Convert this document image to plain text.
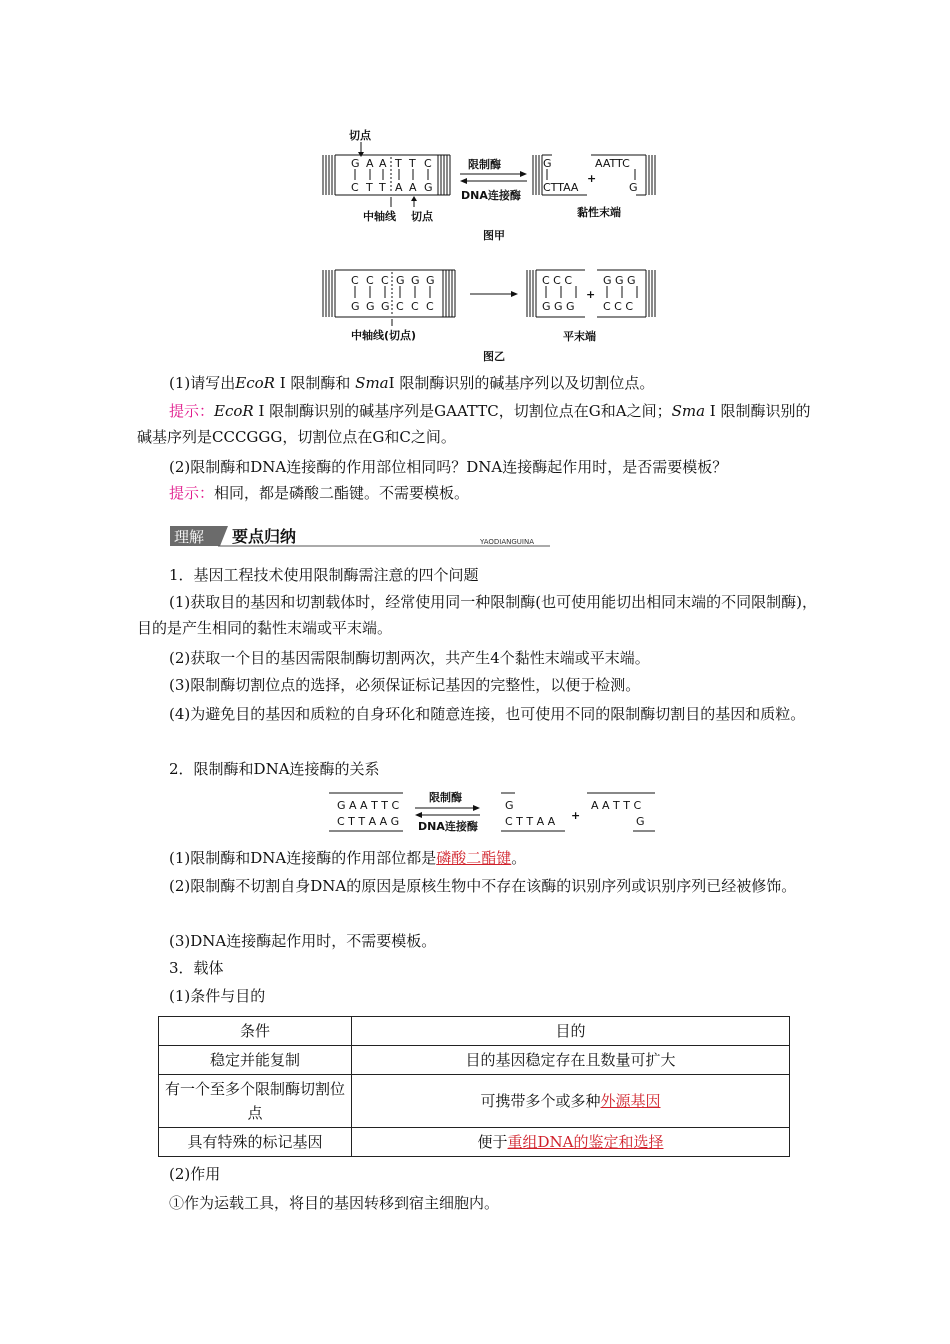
切点
G A A T T C
C T T A A G
限制酶
DNA连接酶
G
CTTAA
+
AATTC
G
中轴线 切点	黏性末端
图甲
C C C G G G
G G G C C C
C C C
G G G
+
G G G
C C C
中轴线(切点)	平末端
图乙

(1)请写出EcoR Ⅰ 限制酶和 SmaⅠ 限制酶识别的碱基序列以及切割位点。

提示：EcoR Ⅰ 限制酶识别的碱基序列是GAATTC，切割位点在G和A之间；Sma Ⅰ 限制酶识别的碱基序列是CCCGGG，切割位点在G和C之间。

(2)限制酶和DNA连接酶的作用部位相同吗？DNA连接酶起作用时，是否需要模板？

提示：相同，都是磷酸二酯键。不需要模板。

理解 要点归纳	YAODIANGUINA

1．基因工程技术使用限制酶需注意的四个问题

(1)获取目的基因和切割载体时，经常使用同一种限制酶(也可使用能切出相同末端的不同限制酶)，目的是产生相同的黏性末端或平末端。

(2)获取一个目的基因需限制酶切割两次，共产生4个黏性末端或平末端。

(3)限制酶切割位点的选择，必须保证标记基因的完整性，以便于检测。

(4)为避免目的基因和质粒的自身环化和随意连接，也可使用不同的限制酶切割目的基因和质粒。

2．限制酶和DNA连接酶的关系

G A A T T C
C T T A A G
限制酶
DNA连接酶
G
C T T A A +
A A T T C
G

(1)限制酶和DNA连接酶的作用部位都是磷酸二酯键。

(2)限制酶不切割自身DNA的原因是原核生物中不存在该酶的识别序列或识别序列已经被修饰。

(3)DNA连接酶起作用时，不需要模板。

3．载体

(1)条件与目的

条件	目的
稳定并能复制	目的基因稳定存在且数量可扩大
有一个至多个限制酶切割位点	可携带多个或多种外源基因
具有特殊的标记基因	便于重组DNA的鉴定和选择

(2)作用

①作为运载工具，将目的基因转移到宿主细胞内。
